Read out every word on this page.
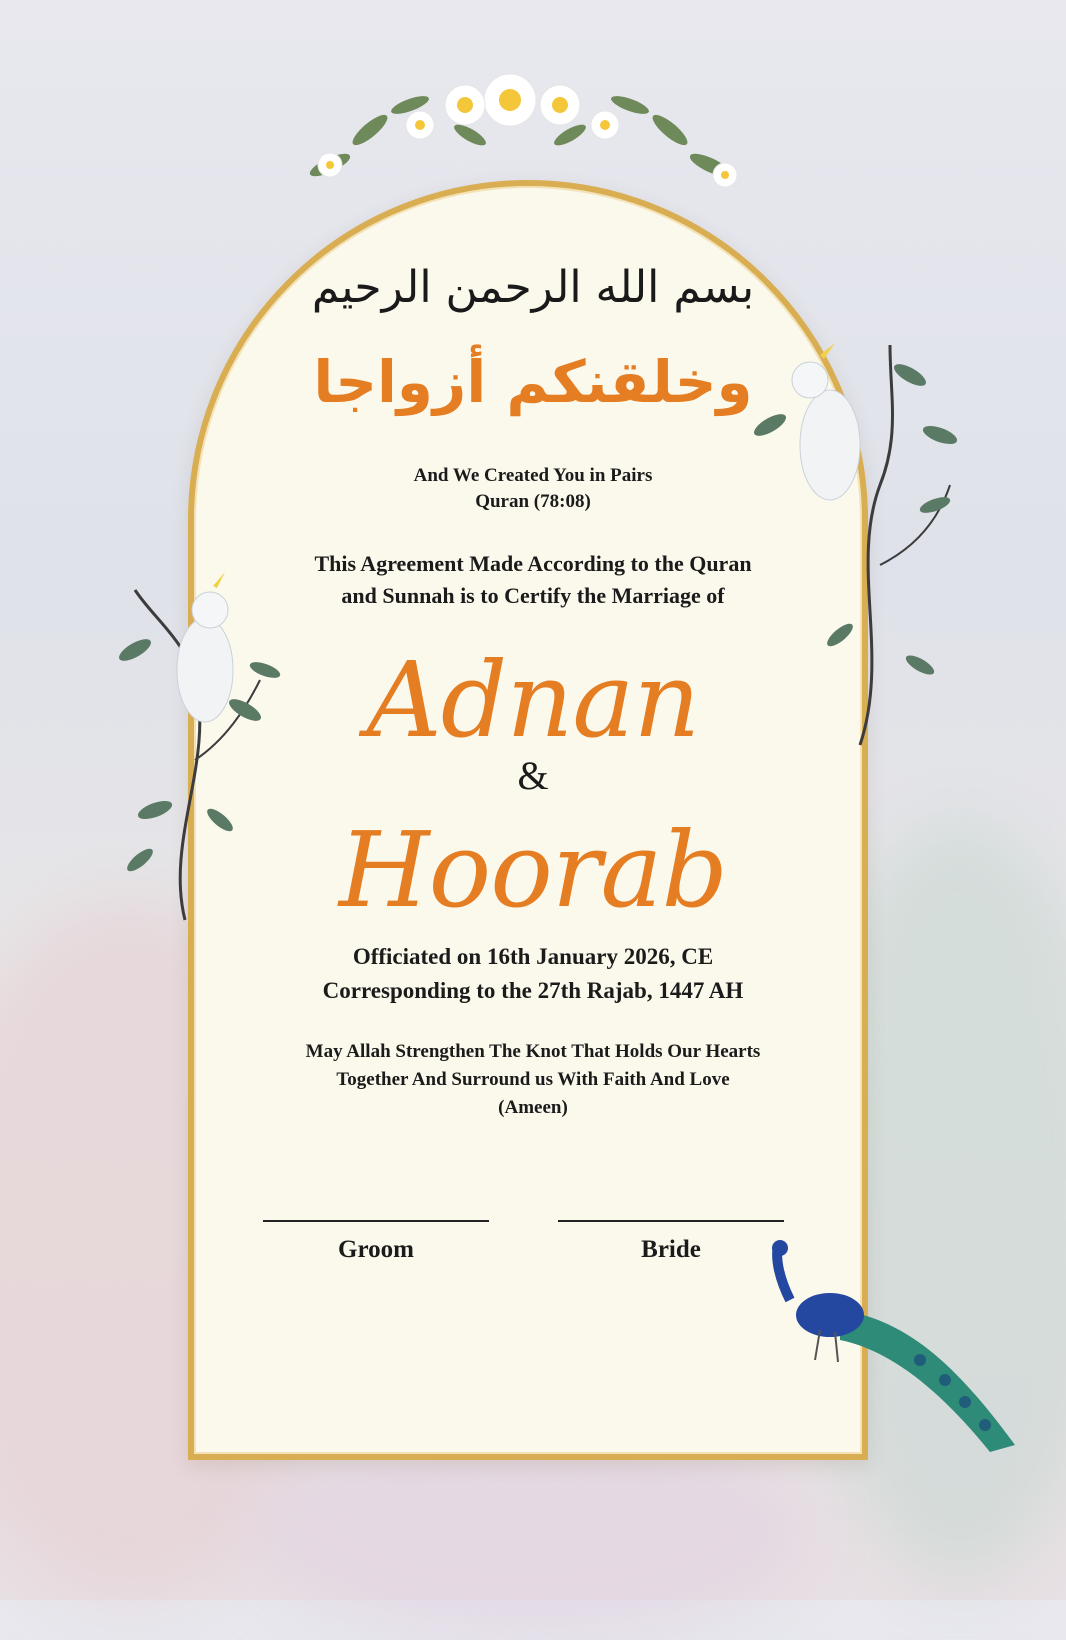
بسم الله الرحمن الرحيم
وخلقنكم أزواجا
And We Created You in Pairs
Quran (78:08)
This Agreement Made According to the Quran
and Sunnah is to Certify the Marriage of
Adnan
&
Hoorab
Officiated on 16th January 2026, CE
Corresponding to the 27th Rajab, 1447 AH
May Allah Strengthen The Knot That Holds Our Hearts
Together And Surround us With Faith And Love
(Ameen)
Groom	Bride
